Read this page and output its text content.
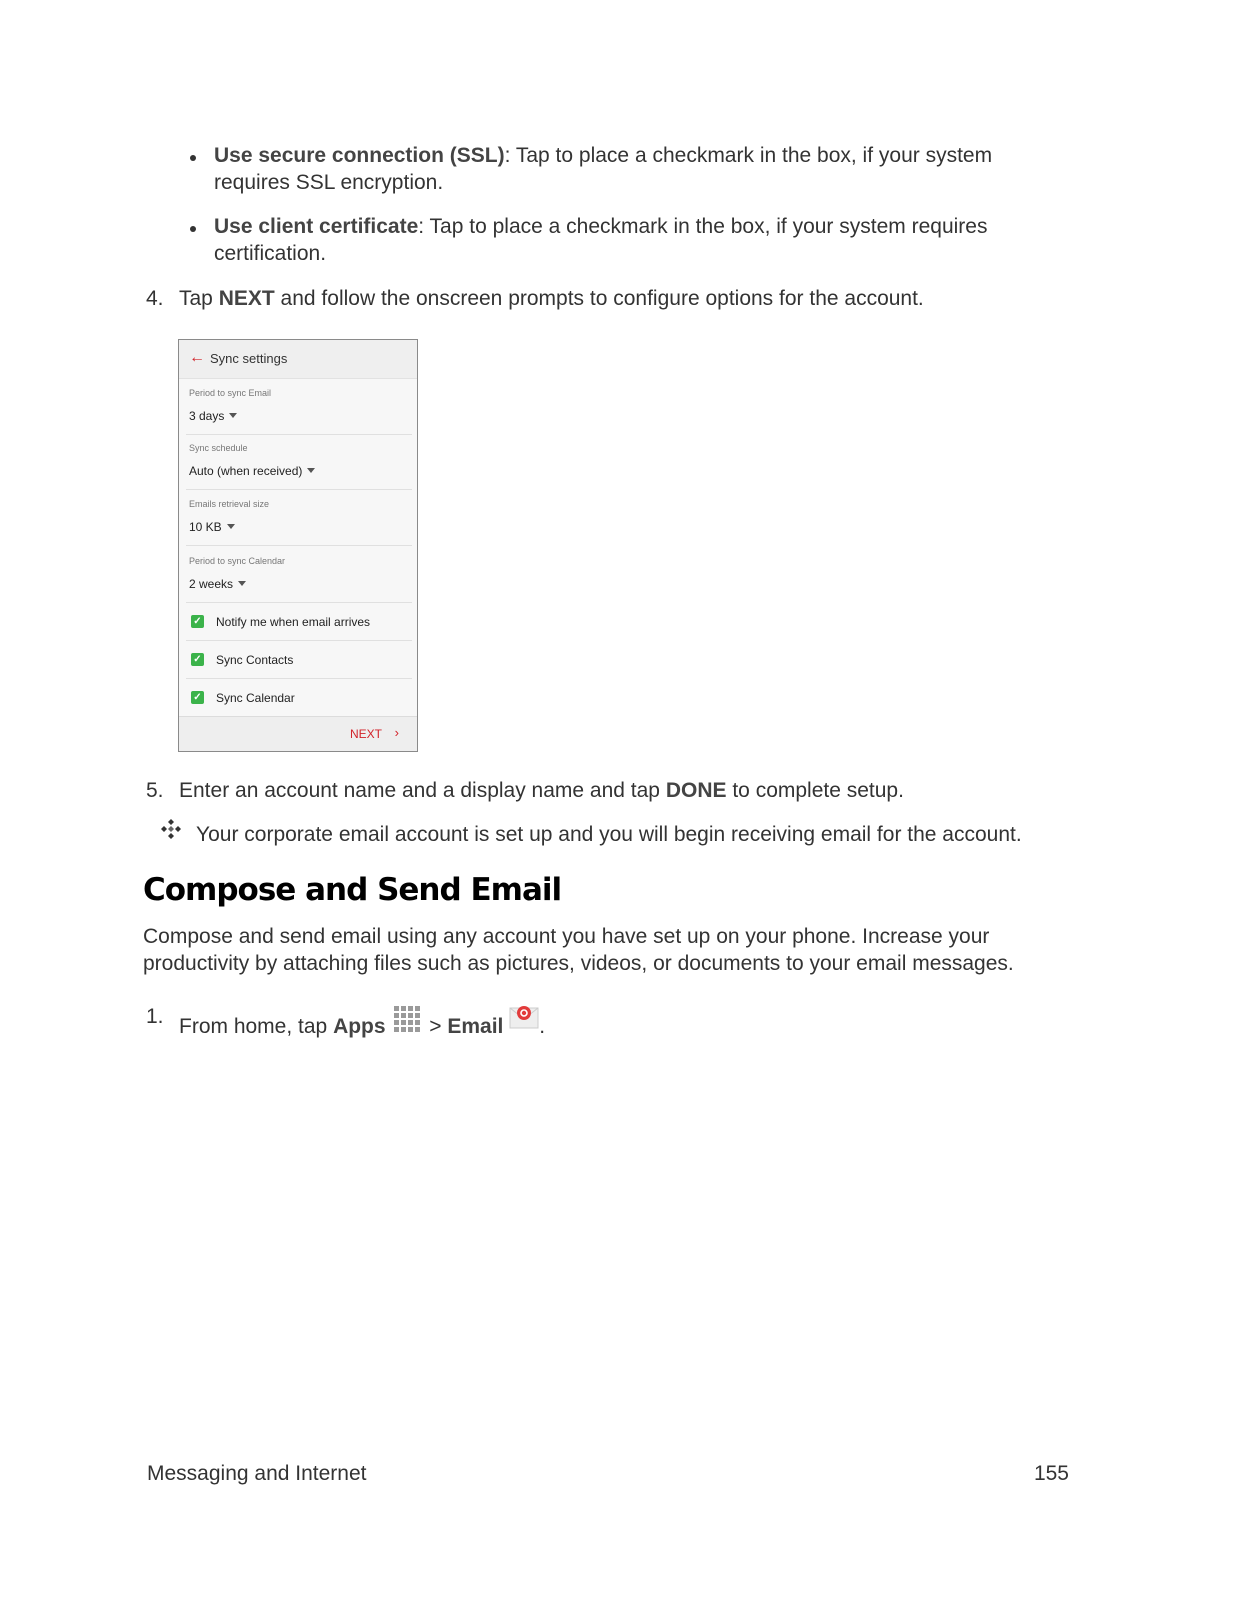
Use secure connection (SSL): Tap to place a checkmark in the box, if your system requires SSL encryption.
Use client certificate: Tap to place a checkmark in the box, if your system requires certification.
4. Tap NEXT and follow the onscreen prompts to configure options for the account.
← Sync settings
Period to sync Email
3 days
Sync schedule
Auto (when received)
Emails retrieval size
10 KB
Period to sync Calendar
2 weeks
✓ Notify me when email arrives
✓ Sync Contacts
✓ Sync Calendar
NEXT ›
5. Enter an account name and a display name and tap DONE to complete setup.
Your corporate email account is set up and you will begin receiving email for the account.
Compose and Send Email
Compose and send email using any account you have set up on your phone. Increase your productivity by attaching files such as pictures, videos, or documents to your email messages.
1. From home, tap Apps  > Email .
Messaging and Internet	155
